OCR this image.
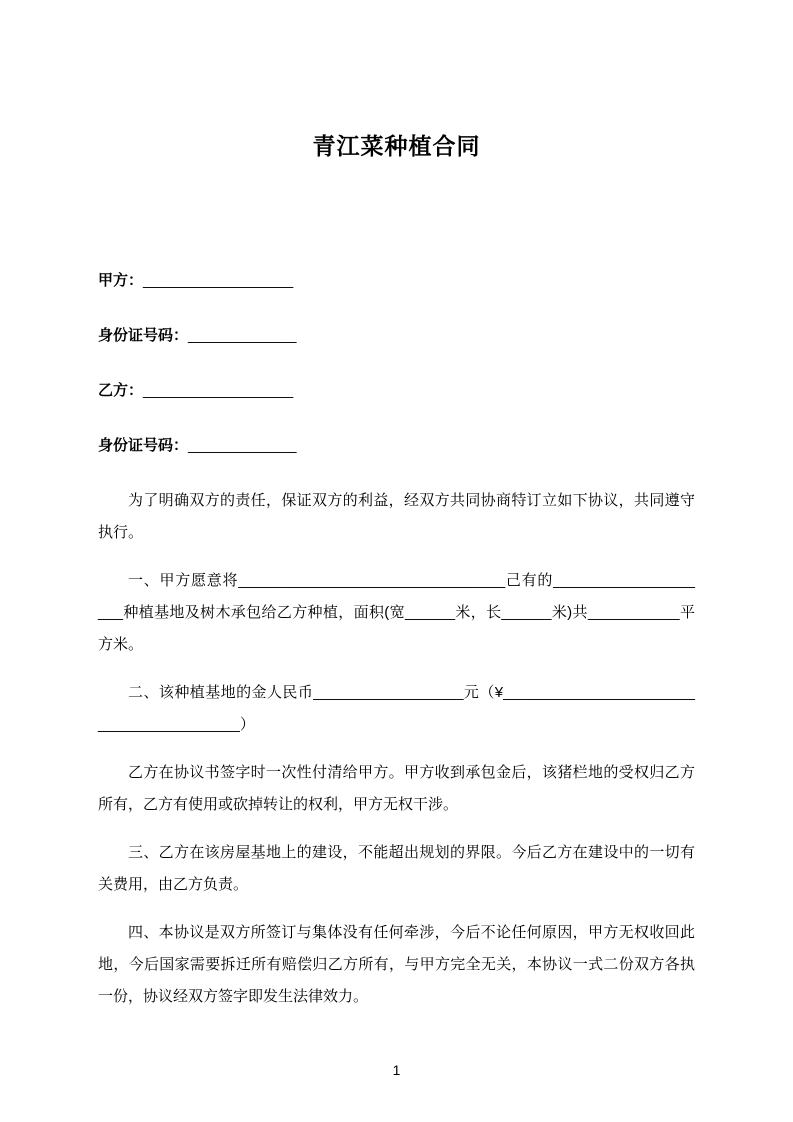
青江菜种植合同

甲方：__________________

身份证号码：_____________

乙方：__________________

身份证号码：_____________

为了明确双方的责任，保证双方的利益，经双方共同协商特订立如下协议，共同遵守执行。

一、甲方愿意将________________________________己有的____________________种植基地及树木承包给乙方种植，面积(宽______米，长______米)共___________平方米。

二、该种植基地的金人民币__________________元（¥________________________________________）

乙方在协议书签字时一次性付清给甲方。甲方收到承包金后，该猪栏地的受权归乙方所有，乙方有使用或砍掉转让的权利，甲方无权干涉。

三、乙方在该房屋基地上的建设，不能超出规划的界限。今后乙方在建设中的一切有关费用，由乙方负责。

四、本协议是双方所签订与集体没有任何牵涉，今后不论任何原因，甲方无权收回此地，今后国家需要拆迁所有赔偿归乙方所有，与甲方完全无关，本协议一式二份双方各执一份，协议经双方签字即发生法律效力。

1
